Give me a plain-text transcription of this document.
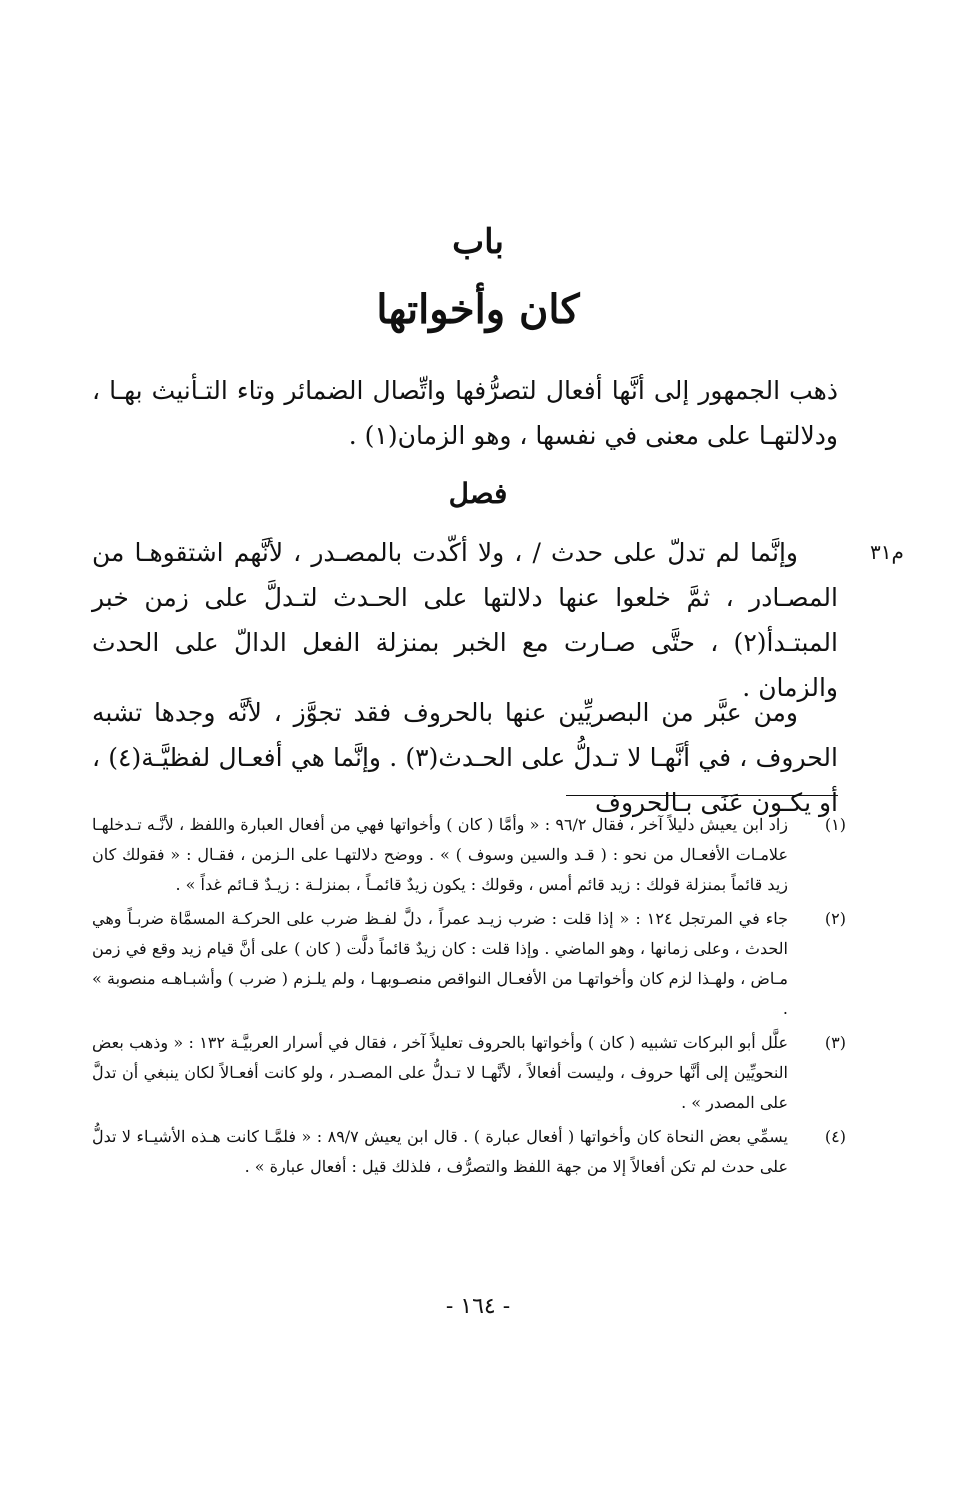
باب
كان وأخواتها

ذهب الجمهور إلى أنَّها أفعال لتصرُّفها واتِّصال الضمائر وتاء التـأنيث بهـا ، ودلالتهـا على معنى في نفسها ، وهو الزمان(١) .

فصل
م٣١

وإنَّما لم تدلّ على حدث / ، ولا أكّدت بالمصـدر ، لأنَّهم اشتقوهـا من المصـادر ، ثمَّ خلعوا عنها دلالتها على الحـدث لتـدلَّ على زمن خبر المبتـدأ(٢) ، حتَّى صـارت مع الخبر بمنزلة الفعل الدالّ على الحدث والزمان .

ومن عبَّر من البصريِّين عنها بالحروف فقد تجوَّز ، لأنَّه وجدها تشبه الحروف ، في أنَّهـا لا تـدلُّ على الحـدث(٣) . وإنَّما هي أفعـال لفظيَّـة(٤) ، أو يكـون عَنَى بـالحروف

(١)
زاد ابن يعيش دليلاً آخر ، فقال ٩٦/٢ : « وأمَّا ( كان ) وأخواتها فهي من أفعال العبارة واللفظ ، لأنَّـه تـدخلهـا علامـات الأفعـال من نحو : ( قـد والسين وسوف ) » . ووضح دلالتهـا على الـزمن ، فقـال : « فقولك كان زيد قائماً بمنزلة قولك : زيد قائم أمس ، وقولك : يكون زيدٌ قائمـاً ، بمنزلـة : زيـدٌ قـائم غداً » .
(٢)
جاء في المرتجل ١٢٤ : « إذا قلت : ضرب زيـد عمراً ، دلَّ لفـظ ضرب على الحركـة المسمَّاة ضربـاً وهي الحدث ، وعلى زمانها ، وهو الماضي . وإذا قلت : كان زيدٌ قائماً دلَّت ( كان ) على أنَّ قيام زيد وقع في زمن مـاض ، ولهـذا لزم كان وأخواتهـا من الأفعـال النواقص منصـوبهـا ، ولم يلـزم ( ضرب ) وأشبـاهـه منصوبة » .
(٣)
علَّل أبو البركات تشبيه ( كان ) وأخواتها بالحروف تعليلاً آخر ، فقال في أسرار العربيَّـة ١٣٢ : « وذهب بعض النحويِّين إلى أنَّها حروف ، وليست أفعالاً ، لأنَّهـا لا تـدلُّ على المصـدر ، ولو كانت أفعـالاً لكان ينبغي أن تدلَّ على المصدر » .
(٤)
يسمِّي بعض النحاة كان وأخواتها ( أفعال عبارة ) . قال ابن يعيش ٨٩/٧ : « فلمَّـا كانت هـذه الأشيـاء لا تدلُّ على حدث لم تكن أفعالاً إلا من جهة اللفظ والتصرُّف ، فلذلك قيل : أفعال عبارة » .
- ١٦٤ -
